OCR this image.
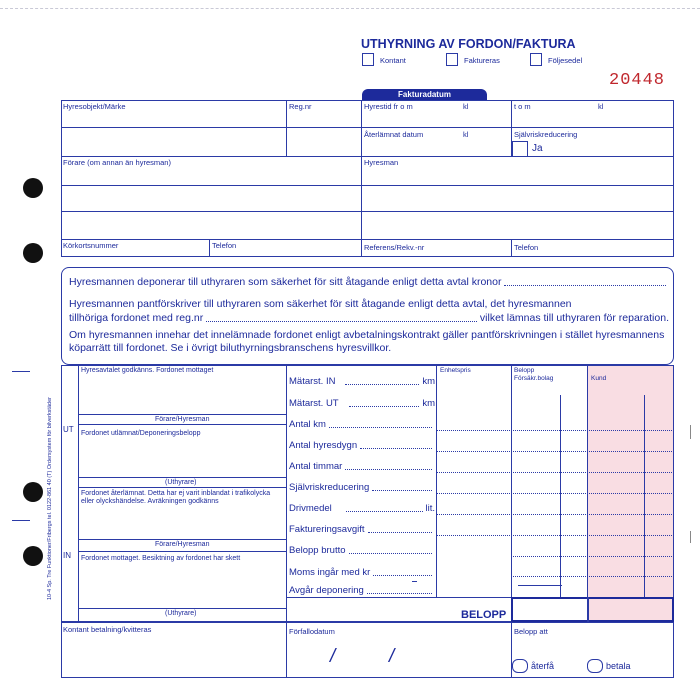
10-4 Sp. Tre Funktioner/Fribergs tel. 0122-861 40 (T) Ordersystem för bilverkstäder
UTHYRNING AV FORDON/FAKTURA
Kontant	Faktureras	Följesedel
20448
Fakturadatum
Hyresobjekt/Märke	Reg.nr	Hyrestid fr o m	kl	t o m	kl
Återlämnat datum	kl	Självriskreducering
Ja
Förare (om annan än hyresman)	Hyresman
Körkortsnummer	Telefon	Referens/Rekv.-nr	Telefon
Hyresmannen deponerar till uthyraren som säkerhet för sitt åtagande enligt detta avtal kronor
Hyresmannen pantförskriver till uthyraren som säkerhet för sitt åtagande enligt detta avtal, det hyresmannen
tillhöriga fordonet med reg.nr	vilket lämnas till uthyraren för reparation.
Om hyresmannen innehar det innelämnade fordonet enligt avbetalningskontrakt gäller pantförskrivningen i stället hyresmannens köparrätt till fordonet. Se i övrigt biluthyrningsbranschens hyresvillkor.
UT
IN
Hyresavtalet godkänns. Fordonet mottaget
Förare/Hyresman
Fordonet utlämnat/Deponeringsbelopp
(Uthyrare)
Fordonet återlämnat. Detta har ej varit inblandat i trafikolycka eller olyckshändelse. Avräkningen godkänns
Förare/Hyresman
Fordonet mottaget. Besiktning av fordonet har skett
(Uthyrare)
Kontant betalning/kvitteras
Mätarst. IN	km
Mätarst. UT	km
Antal km
Antal hyresdygn
Antal timmar
Självriskreducering
Drivmedel	lit.
Faktureringsavgift
Belopp brutto
Moms ingår med kr
Avgår deponering
Förfallodatum
/	/
Enhetspris	Belopp
Försäkr.bolag	Kund
BELOPP
Belopp att
återfå	betala
